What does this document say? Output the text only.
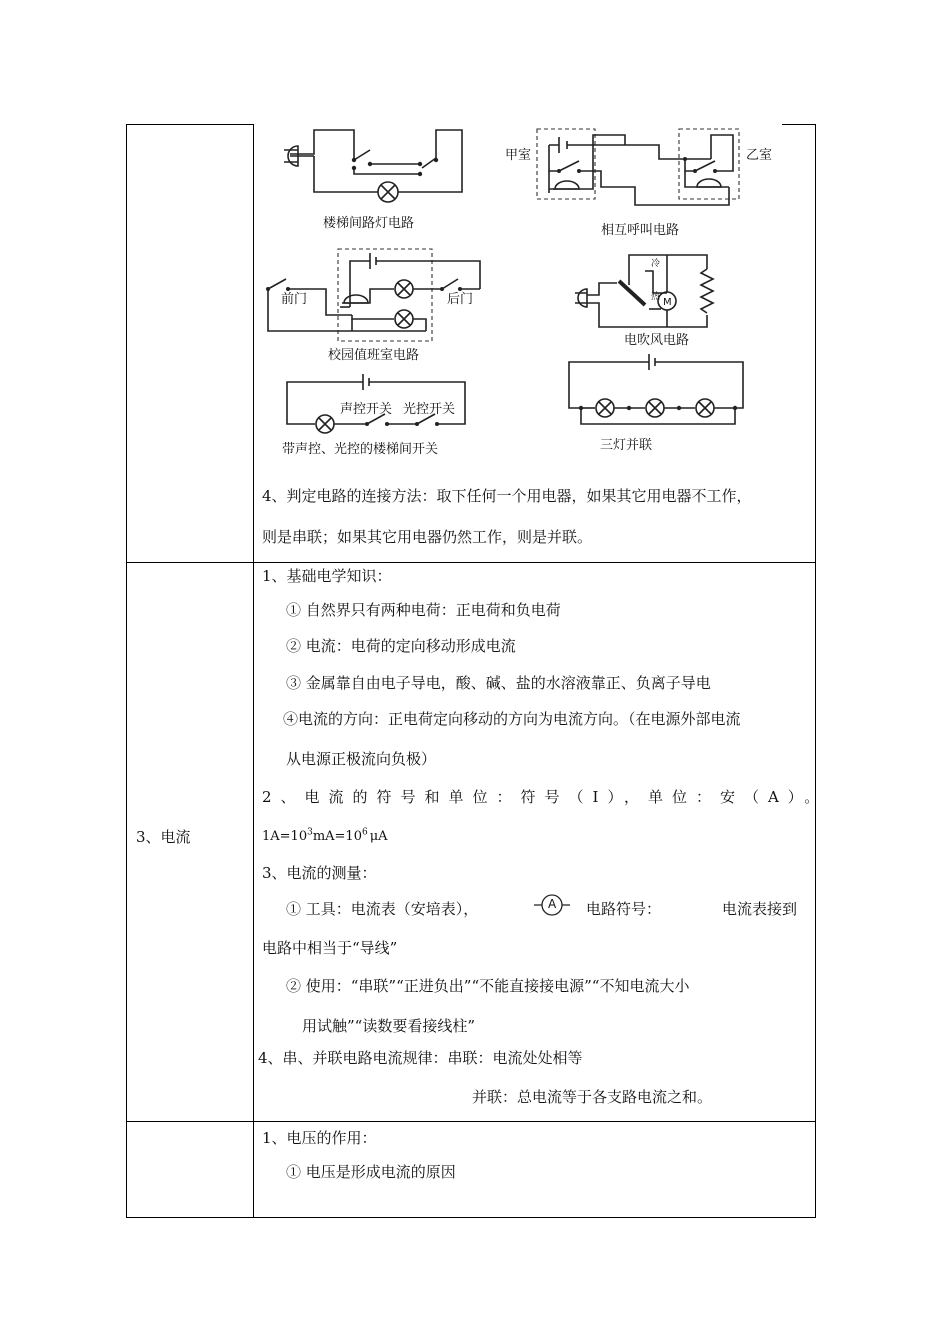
楼梯间路灯电路
甲室	乙室
相互呼叫电路
前门	后门
校园值班室电路
冷
热 M
电吹风电路
声控开关 光控开关
带声控、光控的楼梯间开关	三灯并联
4、判定电路的连接方法：取下任何一个用电器，如果其它用电器不工作，
则是串联；如果其它用电器仍然工作，则是并联。
3、电流
1、基础电学知识：
① 自然界只有两种电荷：正电荷和负电荷
② 电流：电荷的定向移动形成电流
③ 金属靠自由电子导电，酸、碱、盐的水溶液靠正、负离子导电
④电流的方向：正电荷定向移动的方向为电流方向。（在电源外部电流
从电源正极流向负极）
2、电流的符号和单位：符号（I），单位：安（A）。
$1A=10^3mA=10^6$ μA
3、电流的测量：
① 工具：电流表（安培表），	A 电路符号：	电流表接到
电路中相当于“导线”
② 使用：“串联”“正进负出”“不能直接接电源”“不知电流大小
用试触”“读数要看接线柱”
4、串、并联电路电流规律：串联：电流处处相等
并联：总电流等于各支路电流之和。
1、电压的作用：
① 电压是形成电流的原因
